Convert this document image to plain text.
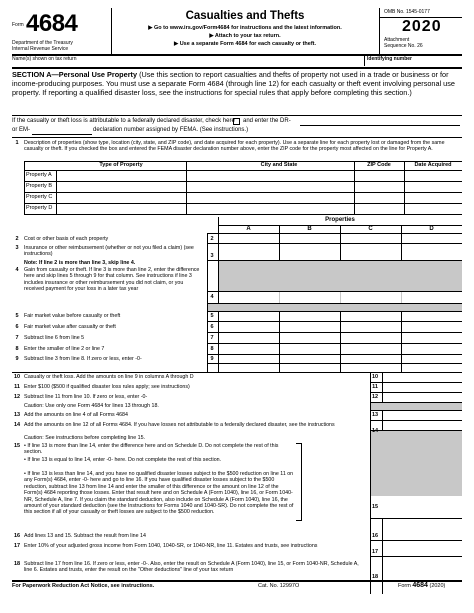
Form 4684
Department of the Treasury
Internal Revenue Service
Casualties and Thefts
▶ Go to www.irs.gov/Form4684 for instructions and the latest information.
▶ Attach to your tax return.
▶ Use a separate Form 4684 for each casualty or theft.
OMB No. 1545-0177
2020
Attachment
Sequence No. 26
Name(s) shown on tax return	Identifying number
SECTION A—Personal Use Property (Use this section to report casualties and thefts of property not used in a trade or business or for income-producing purposes. You must use a separate Form 4684 (through line 12) for each casualty or theft event involving personal use property. If reporting a qualified disaster loss, see the instructions for special rules that apply before completing this section.)
If the casualty or theft loss is attributable to a federally declared disaster, check here and enter the DR-
or EM-	declaration number assigned by FEMA. (See instructions.)
1	Description of properties (show type, location (city, state, and ZIP code), and date acquired for each property). Use a separate line for each property lost or damaged from the same casualty or theft. If you checked the box and entered the FEMA disaster declaration number above, enter the ZIP code for the property most affected on the line for Property A.
Type of Property	City and State	ZIP Code	Date Acquired
Property A
Property B
Property C
Property D
Properties
A	B	C	D
2	Cost or other basis of each property	2
3	Insurance or other reimbursement (whether or not you filed a claim) (see instructions)	3
Note: If line 2 is more than line 3, skip line 4.
4	Gain from casualty or theft. If line 3 is more than line 2, enter the difference here and skip lines 5 through 9 for that column. See instructions if line 3 includes insurance or other reimbursement you did not claim, or you received payment for your loss in a later tax year
4
5	Fair market value before casualty or theft	5
6	Fair market value after casualty or theft	6
7	Subtract line 6 from line 5	7
8	Enter the smaller of line 2 or line 7	8
9	Subtract line 3 from line 8. If zero or less, enter -0-	9
10 Casualty or theft loss. Add the amounts on line 9 in columns A through D	10
11 Enter $100 ($500 if qualified disaster loss rules apply; see instructions)	11
12 Subtract line 11 from line 10. If zero or less, enter -0-	12
Caution: Use only one Form 4684 for lines 13 through 18.
13 Add the amounts on line 4 of all Forms 4684	13
14 Add the amounts on line 12 of all Forms 4684. If you have losses not attributable to a federally declared disaster, see the instructions
14
Caution: See instructions before completing line 15.
15 • If line 13 is more than line 14, enter the difference here and on Schedule D. Do not complete the rest of this section.
• If line 13 is equal to line 14, enter -0- here. Do not complete the rest of this section.
• If line 13 is less than line 14, and you have no qualified disaster losses subject to the $500 reduction on line 11 on any Form(s) 4684, enter -0- here and go to line 16. If you have qualified disaster losses subject to the $500 reduction, subtract line 13 from line 14 and enter the smaller of this difference or the amount on line 12 of the Form(s) 4684 reporting those losses. Enter that result here and on Schedule A (Form 1040), line 16, or Form 1040-NR, Schedule A, line 7. If you claim the standard deduction, also include on Schedule A (Form 1040), line 16, the amount of your standard deduction (see the Instructions for Forms 1040 and 1040-SR). Do not complete the rest of this section if all of your casualty or theft losses are subject to the $500 reduction.
15
16 Add lines 13 and 15. Subtract the result from line 14	16
17 Enter 10% of your adjusted gross income from Form 1040, 1040-SR, or 1040-NR, line 11. Estates and trusts, see instructions
17
18 Subtract line 17 from line 16. If zero or less, enter -0-. Also, enter the result on Schedule A (Form 1040), line 15, or Form 1040-NR, Schedule A, line 6. Estates and trusts, enter the result on the "Other deductions" line of your tax return
18
For Paperwork Reduction Act Notice, see instructions.	Cat. No. 12997O	Form 4684 (2020)
